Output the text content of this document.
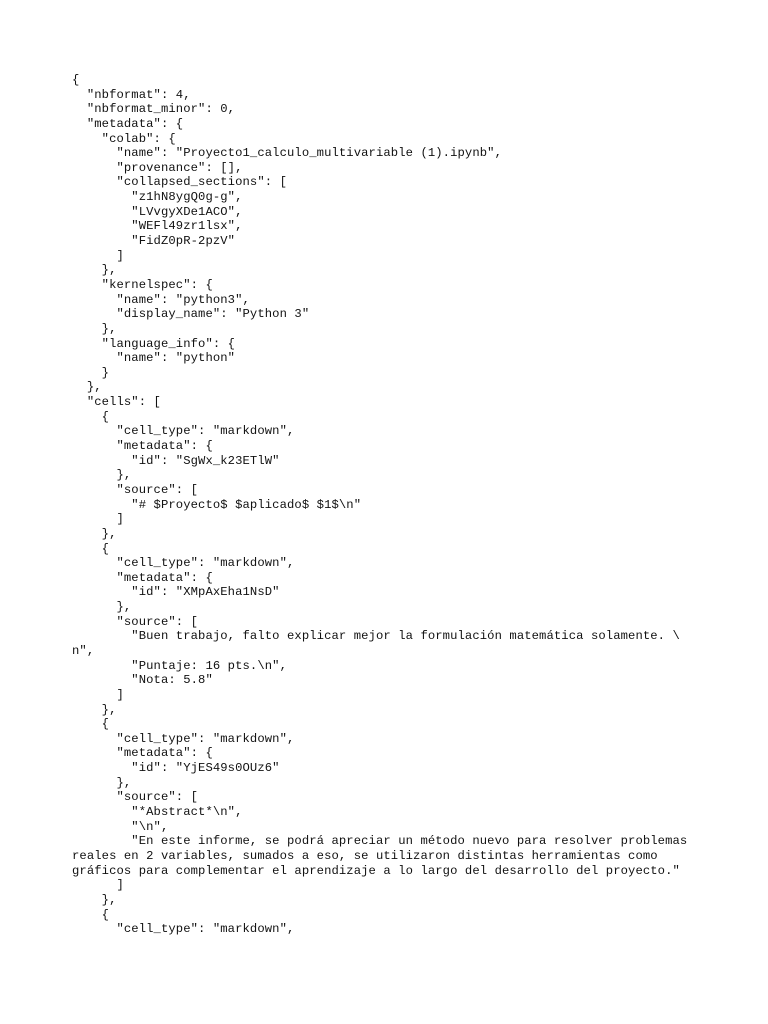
{
"nbformat": 4,
"nbformat_minor": 0,
"metadata": {
"colab": {
"name": "Proyecto1_calculo_multivariable (1).ipynb",
"provenance": [],
"collapsed_sections": [
"z1hN8ygQ0g-g",
"LVvgyXDe1ACO",
"WEFl49zr1lsx",
"FidZ0pR-2pzV"
]
},
"kernelspec": {
"name": "python3",
"display_name": "Python 3"
},
"language_info": {
"name": "python"
}
},
"cells": [
{
"cell_type": "markdown",
"metadata": {
"id": "SgWx_k23ETlW"
},
"source": [
"# $Proyecto$ $aplicado$ $1$\n"
]
},
{
"cell_type": "markdown",
"metadata": {
"id": "XMpAxEha1NsD"
},
"source": [
"Buen trabajo, falto explicar mejor la formulación matemática solamente. \
n",
"Puntaje: 16 pts.\n",
"Nota: 5.8"
]
},
{
"cell_type": "markdown",
"metadata": {
"id": "YjES49s0OUz6"
},
"source": [
"*Abstract*\n",
"\n",
"En este informe, se podrá apreciar un método nuevo para resolver problemas
reales en 2 variables, sumados a eso, se utilizaron distintas herramientas como
gráficos para complementar el aprendizaje a lo largo del desarrollo del proyecto."
]
},
{
"cell_type": "markdown",
